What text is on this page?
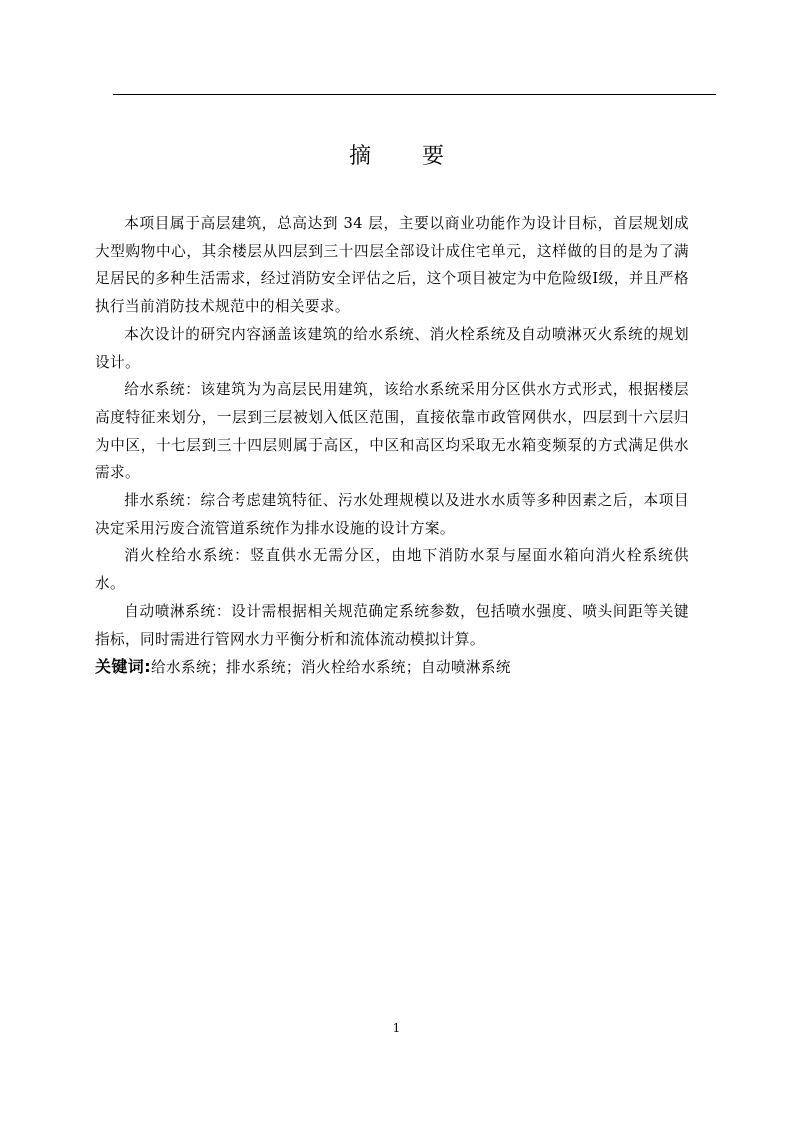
摘 要

本项目属于高层建筑，总高达到 34 层，主要以商业功能作为设计目标，首层规划成大型购物中心，其余楼层从四层到三十四层全部设计成住宅单元，这样做的目的是为了满足居民的多种生活需求，经过消防安全评估之后，这个项目被定为中危险级I级，并且严格执行当前消防技术规范中的相关要求。

本次设计的研究内容涵盖该建筑的给水系统、消火栓系统及自动喷淋灭火系统的规划设计。

给水系统：该建筑为为高层民用建筑，该给水系统采用分区供水方式形式，根据楼层高度特征来划分，一层到三层被划入低区范围，直接依靠市政管网供水，四层到十六层归为中区，十七层到三十四层则属于高区，中区和高区均采取无水箱变频泵的方式满足供水需求。

排水系统：综合考虑建筑特征、污水处理规模以及进水水质等多种因素之后，本项目决定采用污废合流管道系统作为排水设施的设计方案。

消火栓给水系统：竖直供水无需分区，由地下消防水泵与屋面水箱向消火栓系统供水。

自动喷淋系统：设计需根据相关规范确定系统参数，包括喷水强度、喷头间距等关键指标，同时需进行管网水力平衡分析和流体流动模拟计算。

关键词:给水系统；排水系统；消火栓给水系统；自动喷淋系统

1
